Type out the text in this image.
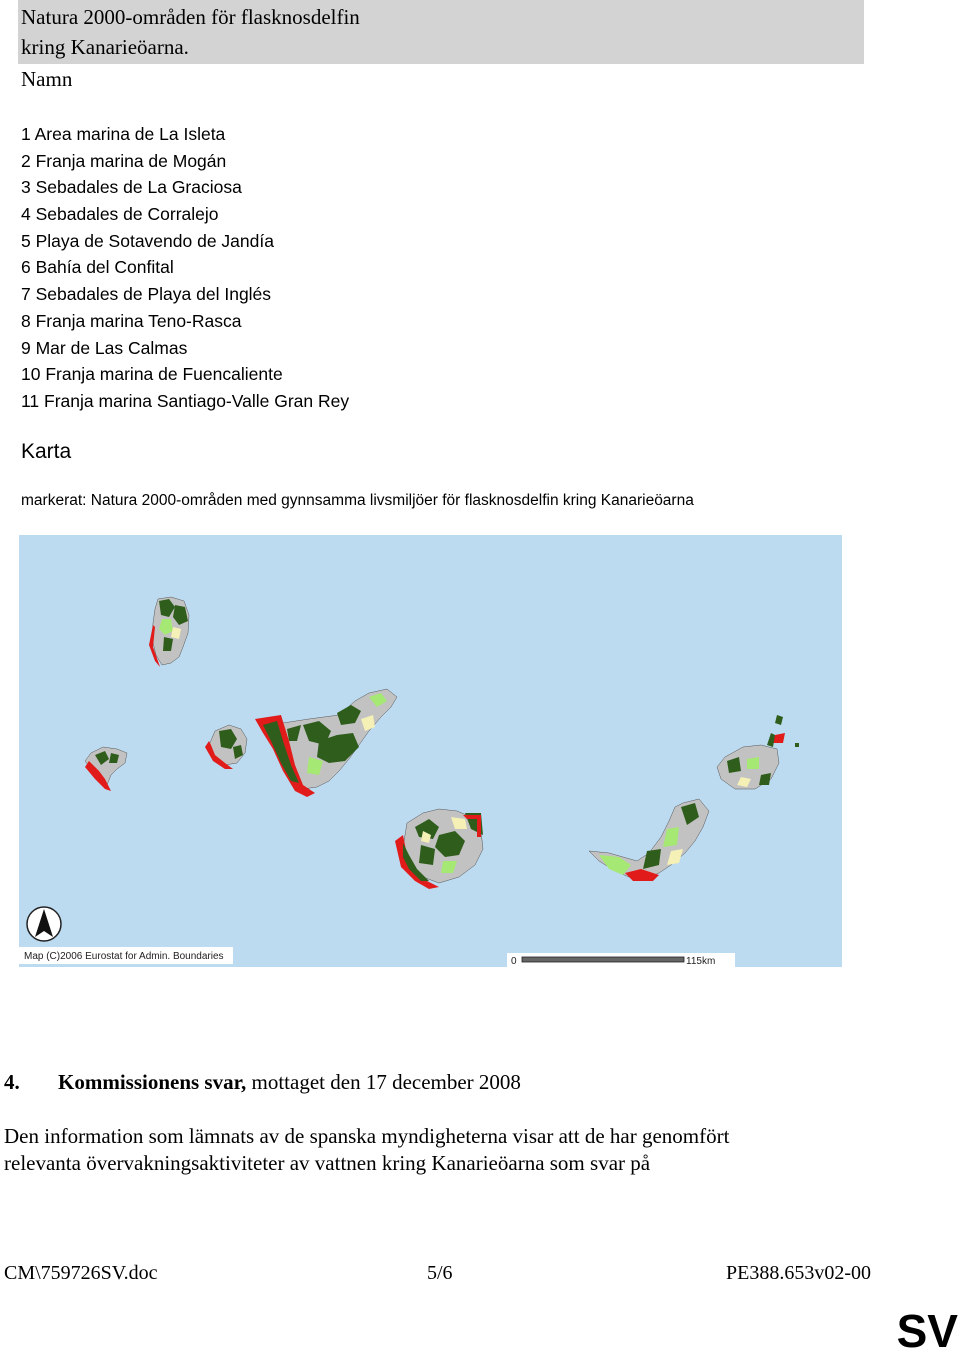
Natura 2000-områden för flasknosdelfin
kring Kanarieöarna.
Namn
1 Area marina de La Isleta
2 Franja marina de Mogán
3 Sebadales de La Graciosa
4 Sebadales de Corralejo
5 Playa de Sotavendo de Jandía
6 Bahía del Confital
7 Sebadales de Playa del Inglés
8 Franja marina Teno-Rasca
9 Mar de Las Calmas
10 Franja marina de Fuencaliente
11 Franja marina Santiago-Valle Gran Rey
Karta
markerat: Natura 2000-områden med gynnsamma livsmiljöer för flasknosdelfin kring Kanarieöarna
Map (C)2006 Eurostat for Admin. Boundaries	0	115km
4. Kommissionens svar, mottaget den 17 december 2008
Den information som lämnats av de spanska myndigheterna visar att de har genomfört
relevanta övervakningsaktiviteter av vattnen kring Kanarieöarna som svar på
CM\759726SV.doc	5/6	PE388.653v02-00
SV
